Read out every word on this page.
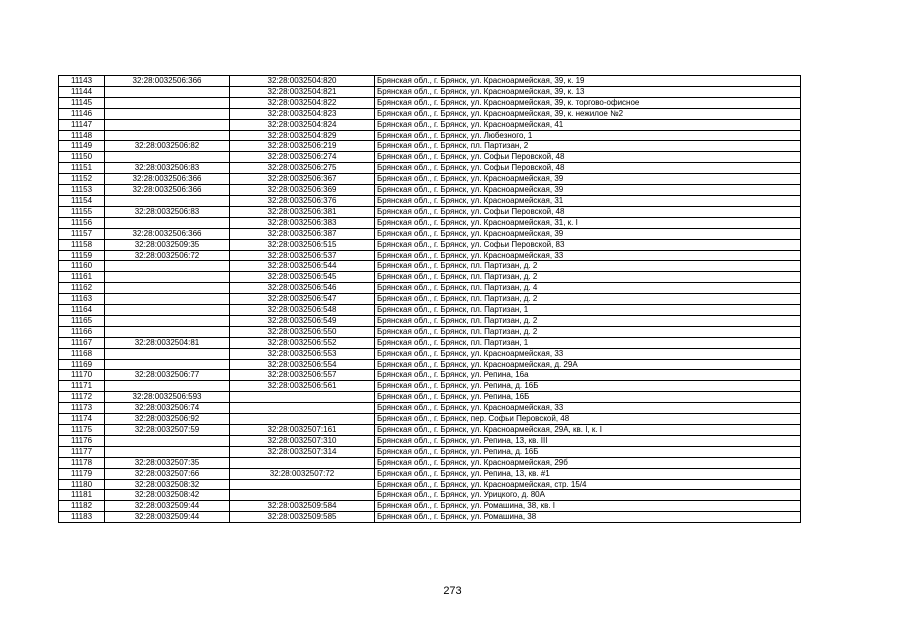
11143	32:28:0032506:366	32:28:0032504:820	Брянская обл., г. Брянск, ул. Красноармейская, 39, к. 19
11144		32:28:0032504:821	Брянская обл., г. Брянск, ул. Красноармейская, 39, к. 13
11145		32:28:0032504:822	Брянская обл., г. Брянск, ул. Красноармейская, 39, к. торгово-офисное
11146		32:28:0032504:823	Брянская обл., г. Брянск, ул. Красноармейская, 39, к. нежилое №2
11147		32:28:0032504:824	Брянская обл., г. Брянск, ул. Красноармейская, 41
11148		32:28:0032504:829	Брянская обл., г. Брянск, ул. Любезного, 1
11149	32:28:0032506:82	32:28:0032506:219	Брянская обл., г. Брянск, пл. Партизан, 2
11150		32:28:0032506:274	Брянская обл., г. Брянск, ул. Софьи Перовской, 48
11151	32:28:0032506:83	32:28:0032506:275	Брянская обл., г. Брянск, ул. Софьи Перовской, 48
11152	32:28:0032506:366	32:28:0032506:367	Брянская обл., г. Брянск, ул. Красноармейская, 39
11153	32:28:0032506:366	32:28:0032506:369	Брянская обл., г. Брянск, ул. Красноармейская, 39
11154		32:28:0032506:376	Брянская обл., г. Брянск, ул. Красноармейская, 31
11155	32:28:0032506:83	32:28:0032506:381	Брянская обл., г. Брянск, ул. Софьи Перовской, 48
11156		32:28:0032506:383	Брянская обл., г. Брянск, ул. Красноармейская, 31, к. I
11157	32:28:0032506:366	32:28:0032506:387	Брянская обл., г. Брянск, ул. Красноармейская, 39
11158	32:28:0032509:35	32:28:0032506:515	Брянская обл., г. Брянск, ул. Софьи Перовской, 83
11159	32:28:0032506:72	32:28:0032506:537	Брянская обл., г. Брянск, ул. Красноармейская, 33
11160		32:28:0032506:544	Брянская обл., г. Брянск, пл. Партизан, д. 2
11161		32:28:0032506:545	Брянская обл., г. Брянск, пл. Партизан, д. 2
11162		32:28:0032506:546	Брянская обл., г. Брянск, пл. Партизан, д. 4
11163		32:28:0032506:547	Брянская обл., г. Брянск, пл. Партизан, д. 2
11164		32:28:0032506:548	Брянская обл., г. Брянск, пл. Партизан, 1
11165		32:28:0032506:549	Брянская обл., г. Брянск, пл. Партизан, д. 2
11166		32:28:0032506:550	Брянская обл., г. Брянск, пл. Партизан, д. 2
11167	32:28:0032504:81	32:28:0032506:552	Брянская обл., г. Брянск, пл. Партизан, 1
11168		32:28:0032506:553	Брянская обл., г. Брянск, ул. Красноармейская, 33
11169		32:28:0032506:554	Брянская обл., г. Брянск, ул. Красноармейская, д. 29А
11170	32:28:0032506:77	32:28:0032506:557	Брянская обл., г. Брянск, ул. Репина, 16а
11171		32:28:0032506:561	Брянская обл., г. Брянск, ул. Репина, д. 16Б
11172	32:28:0032506:593		Брянская обл., г. Брянск, ул. Репина, 16Б
11173	32:28:0032506:74		Брянская обл., г. Брянск, ул. Красноармейская, 33
11174	32:28:0032506:92		Брянская обл., г. Брянск, пер. Софьи Перовской, 48
11175	32:28:0032507:59	32:28:0032507:161	Брянская обл., г. Брянск, ул. Красноармейская, 29А, кв. I, к. I
11176		32:28:0032507:310	Брянская обл., г. Брянск, ул. Репина, 13, кв. III
11177		32:28:0032507:314	Брянская обл., г. Брянск, ул. Репина, д. 16Б
11178	32:28:0032507:35		Брянская обл., г. Брянск, ул. Красноармейская, 29б
11179	32:28:0032507:66	32:28:0032507:72	Брянская обл., г. Брянск, ул. Репина, 13, кв. #1
11180	32:28:0032508:32		Брянская обл., г. Брянск, ул. Красноармейская, стр. 15/4
11181	32:28:0032508:42		Брянская обл., г. Брянск, ул. Урицкого, д. 80А
11182	32:28:0032509:44	32:28:0032509:584	Брянская обл., г. Брянск, ул. Ромашина, 38, кв. I
11183	32:28:0032509:44	32:28:0032509:585	Брянская обл., г. Брянск, ул. Ромашина, 38
273
